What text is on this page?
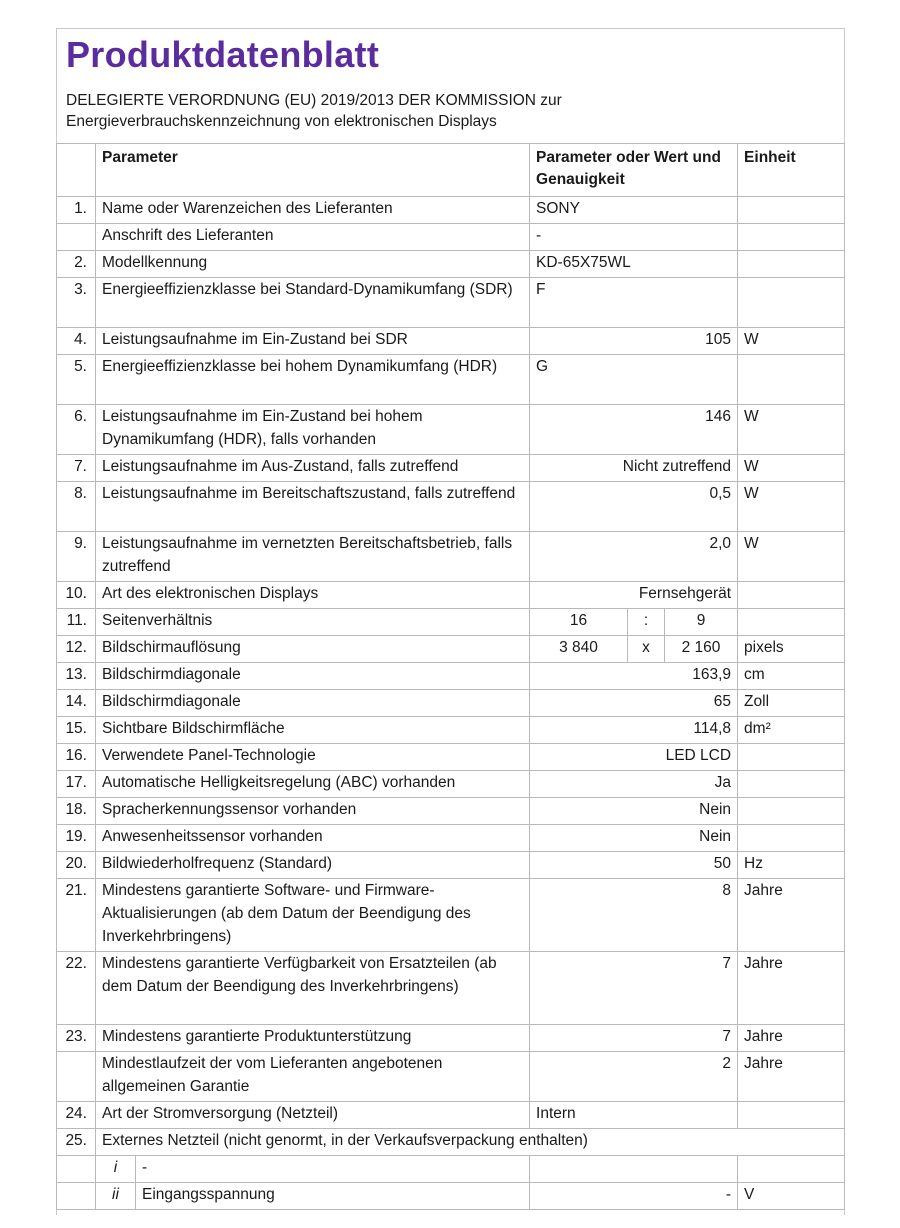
Produktdatenblatt
DELEGIERTE VERORDNUNG (EU) 2019/2013 DER KOMMISSION zur
Energieverbrauchskennzeichnung von elektronischen Displays
	Parameter		Parameter oder Wert und Genauigkeit			Einheit
1.	Name oder Warenzeichen des Lieferanten		SONY			
	Anschrift des Lieferanten		-			
2.	Modellkennung		KD-65X75WL			
3.	Energieeffizienzklasse bei Standard-Dynamikumfang (SDR)		F			
4.	Leistungsaufnahme im Ein-Zustand bei SDR		105			W
5.	Energieeffizienzklasse bei hohem Dynamikumfang (HDR)		G			
6.	Leistungsaufnahme im Ein-Zustand bei hohem Dynamikumfang (HDR), falls vorhanden		146			W
7.	Leistungsaufnahme im Aus-Zustand, falls zutreffend		Nicht zutreffend			W
8.	Leistungsaufnahme im Bereitschaftszustand, falls zutreffend		0,5			W
9.	Leistungsaufnahme im vernetzten Bereitschaftsbetrieb, falls zutreffend		2,0			W
10.	Art des elektronischen Displays		Fernsehgerät			
11.	Seitenverhältnis		16	:	9	
12.	Bildschirmauflösung		3 840	x	2 160	pixels
13.	Bildschirmdiagonale		163,9			cm
14.	Bildschirmdiagonale		65			Zoll
15.	Sichtbare Bildschirmfläche		114,8			dm²
16.	Verwendete Panel-Technologie		LED LCD			
17.	Automatische Helligkeitsregelung (ABC) vorhanden		Ja			
18.	Spracherkennungssensor vorhanden		Nein			
19.	Anwesenheitssensor vorhanden		Nein			
20.	Bildwiederholfrequenz (Standard)		50			Hz
21.	Mindestens garantierte Software- und Firmware-Aktualisierungen (ab dem Datum der Beendigung des Inverkehrbringens)		8			Jahre
22.	Mindestens garantierte Verfügbarkeit von Ersatzteilen (ab dem Datum der Beendigung des Inverkehrbringens)		7			Jahre
23.	Mindestens garantierte Produktunterstützung		7			Jahre
	Mindestlaufzeit der vom Lieferanten angebotenen allgemeinen Garantie		2			Jahre
24.	Art der Stromversorgung (Netzteil)		Intern			
25.	Externes Netzteil (nicht genormt, in der Verkaufsverpackung enthalten)					
	i	-				
	ii	Eingangsspannung	-			V
